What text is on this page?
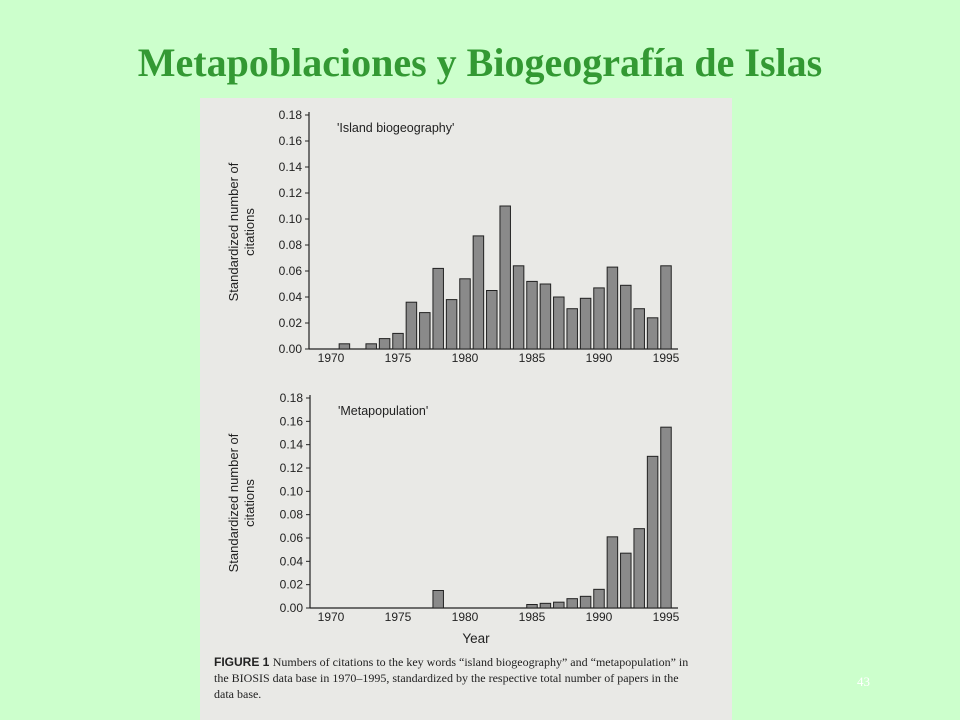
Metapoblaciones y Biogeografía de Islas
0.00
0.02
0.04
0.06
0.08
0.10
0.12
0.14
0.16
0.18
1970	1975	1980	1985	1990	1995
'Island biogeography'
Standardized number of citations
0.00
0.02
0.04
0.06
0.08
0.10
0.12
0.14
0.16
0.18
1970	1975	1980	1985	1990	1995
'Metapopulation'
Standardized number of citations
Year
FIGURE 1 Numbers of citations to the key words “island biogeography” and “metapopulation” in
the BIOSIS data base in 1970–1995, standardized by the respective total number of papers in the
data base.
43
